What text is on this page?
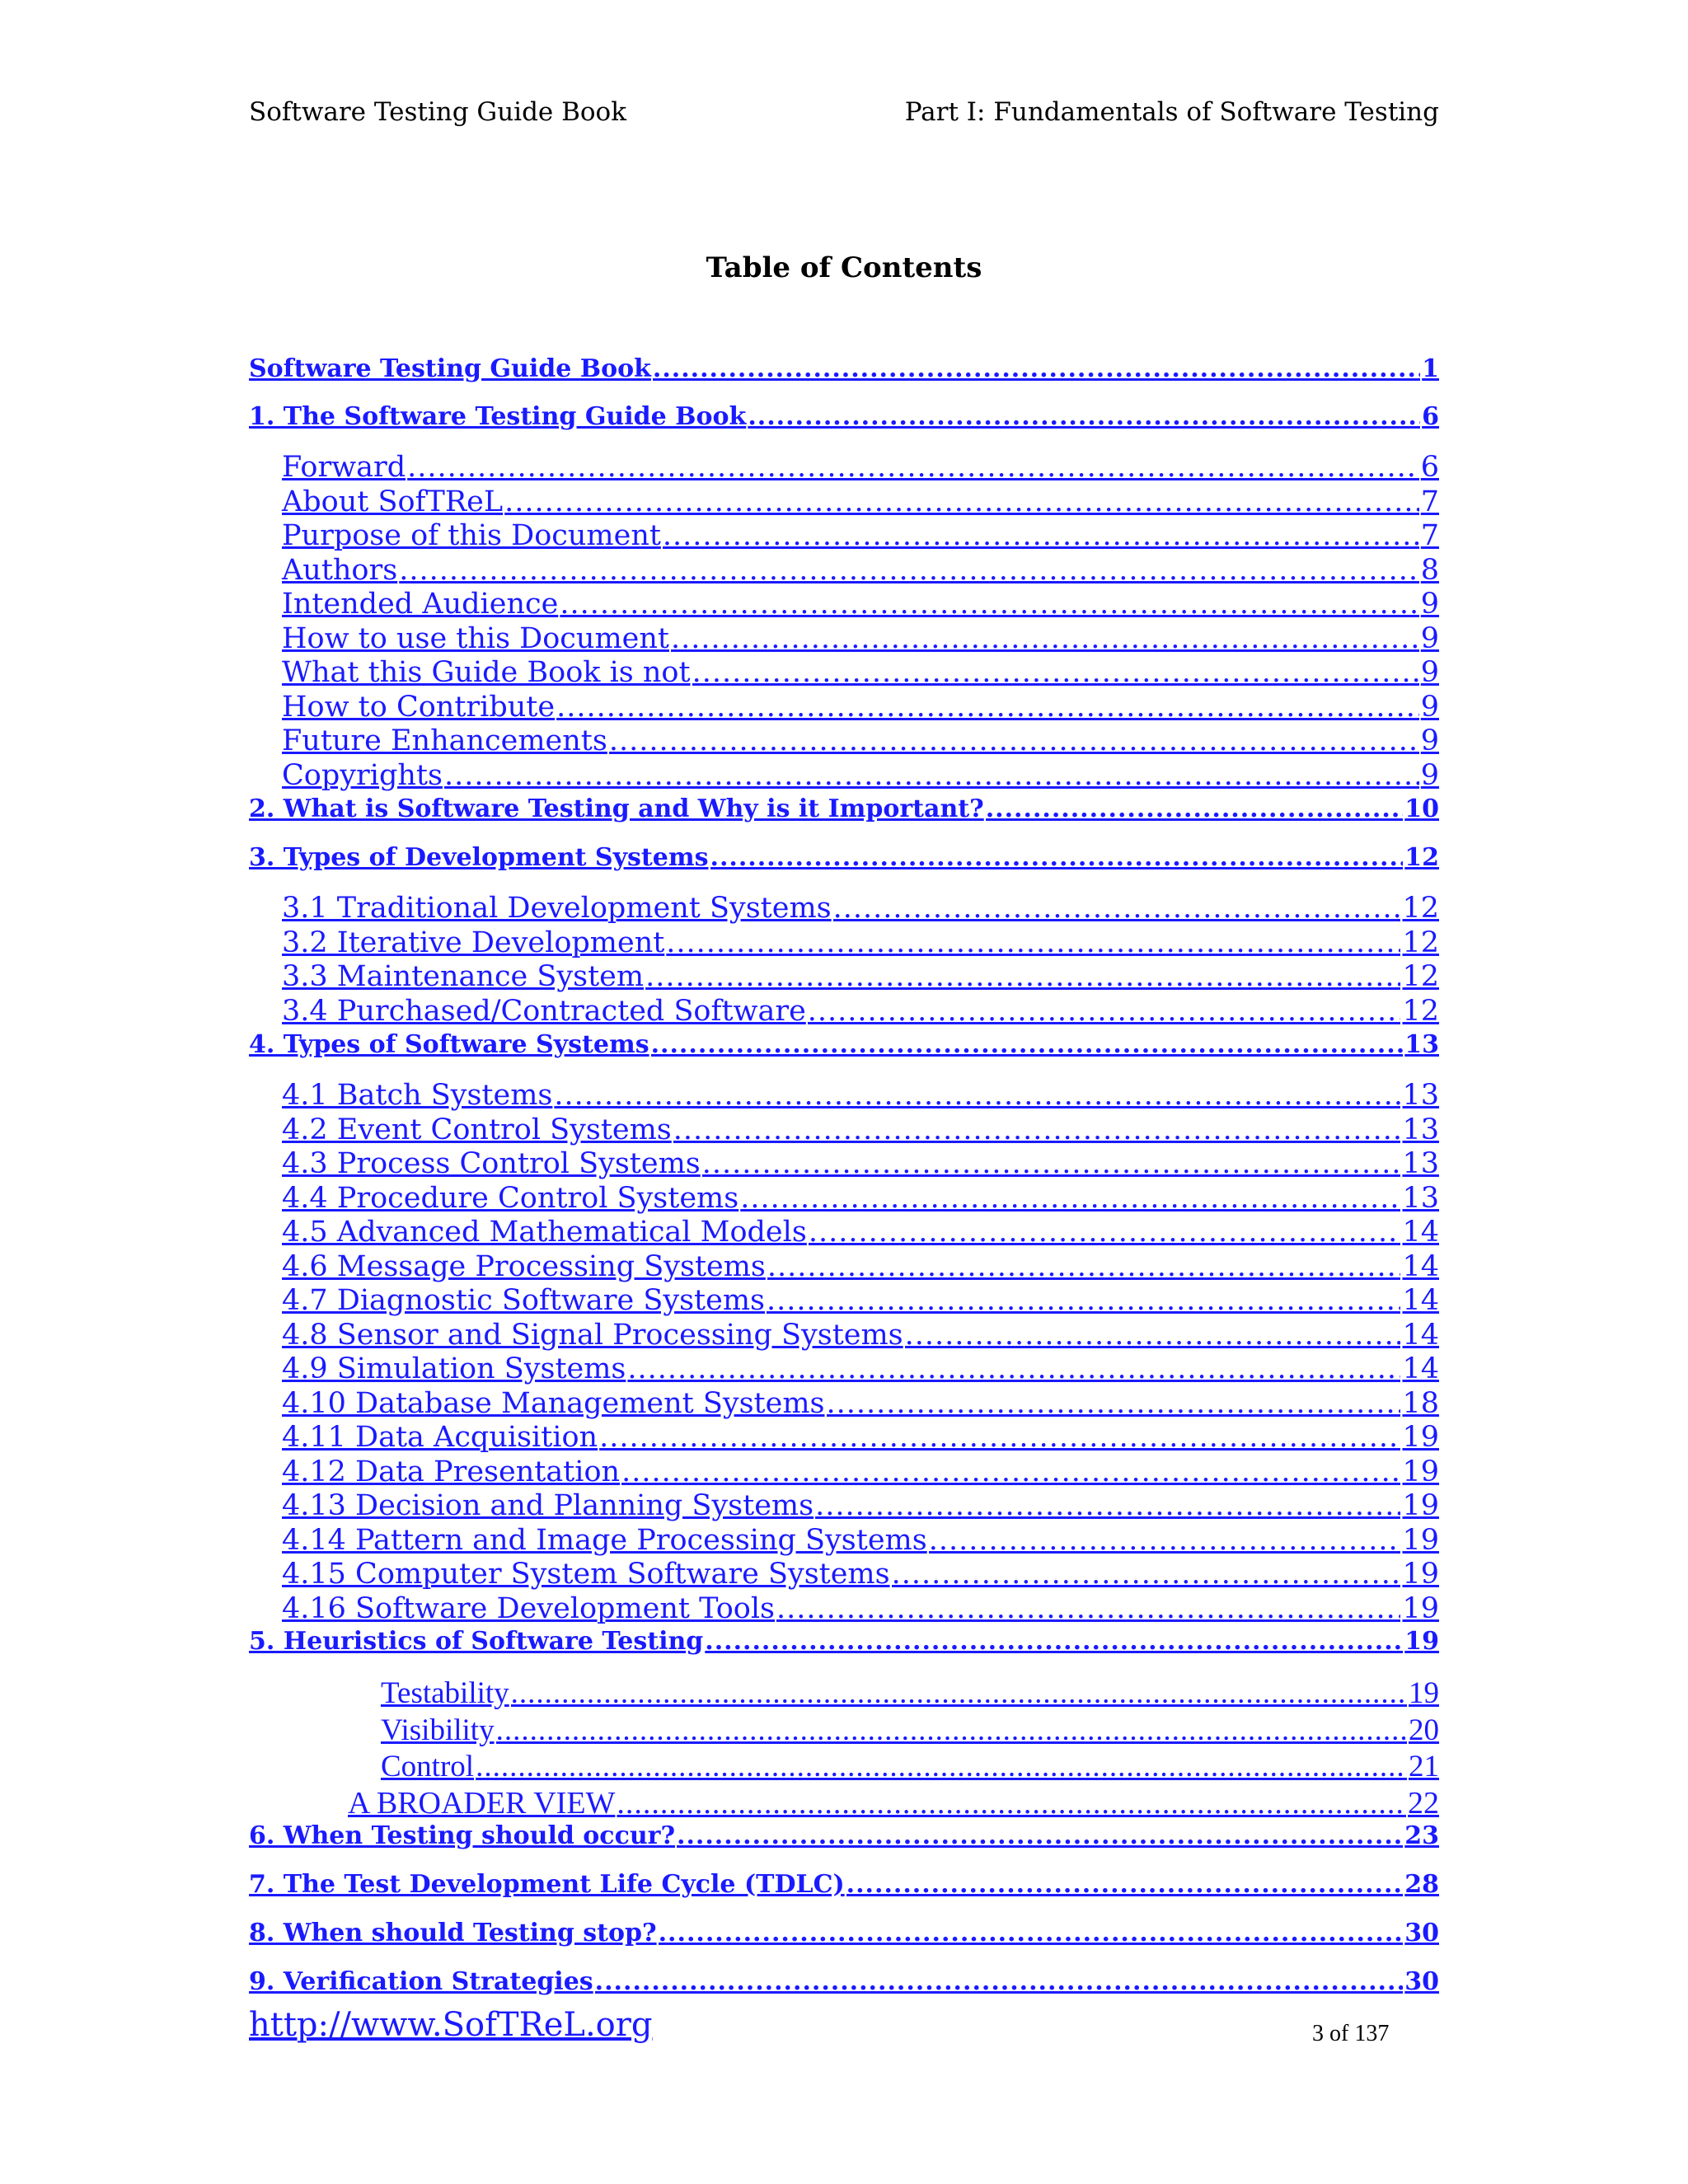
Software Testing Guide Book	Part I: Fundamentals of Software Testing
Table of Contents
Software Testing Guide Book .....	1
1. The Software Testing Guide Book .....	6
Forward .....	6
About SofTReL .....	7
Purpose of this Document .....	7
Authors .....	8
Intended Audience .....	9
How to use this Document .....	9
What this Guide Book is not .....	9
How to Contribute .....	9
Future Enhancements .....	9
Copyrights .....	9
2. What is Software Testing and Why is it Important? .....	10
3. Types of Development Systems .....	12
3.1 Traditional Development Systems .....	12
3.2 Iterative Development .....	12
3.3 Maintenance System .....	12
3.4 Purchased/Contracted Software .....	12
4. Types of Software Systems .....	13
4.1 Batch Systems .....	13
4.2 Event Control Systems .....	13
4.3 Process Control Systems .....	13
4.4 Procedure Control Systems .....	13
4.5 Advanced Mathematical Models .....	14
4.6 Message Processing Systems .....	14
4.7 Diagnostic Software Systems .....	14
4.8 Sensor and Signal Processing Systems .....	14
4.9 Simulation Systems .....	14
4.10 Database Management Systems .....	18
4.11 Data Acquisition .....	19
4.12 Data Presentation .....	19
4.13 Decision and Planning Systems .....	19
4.14 Pattern and Image Processing Systems .....	19
4.15 Computer System Software Systems .....	19
4.16 Software Development Tools .....	19
5. Heuristics of Software Testing .....	19
Testability .....	19
Visibility .....	20
Control .....	21
A BROADER VIEW .....	22
6. When Testing should occur? .....	23
7. The Test Development Life Cycle (TDLC) .....	28
8. When should Testing stop? .....	30
9. Verification Strategies .....	30
http://www.SofTReL.org	3 of 137
